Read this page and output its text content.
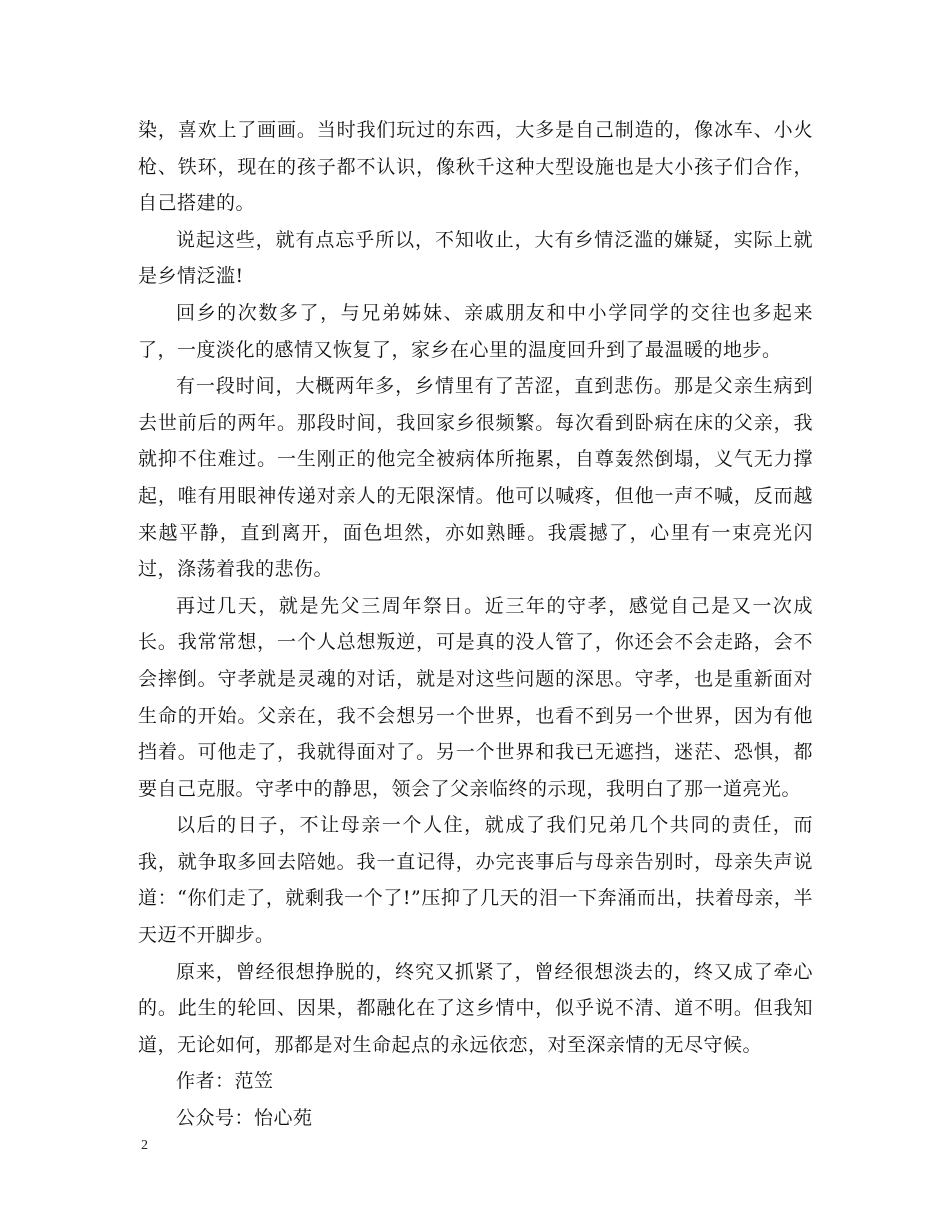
染，喜欢上了画画。当时我们玩过的东西，大多是自己制造的，像冰车、小火枪、铁环，现在的孩子都不认识，像秋千这种大型设施也是大小孩子们合作，自己搭建的。

说起这些，就有点忘乎所以，不知收止，大有乡情泛滥的嫌疑，实际上就是乡情泛滥!

回乡的次数多了，与兄弟姊妹、亲戚朋友和中小学同学的交往也多起来了，一度淡化的感情又恢复了，家乡在心里的温度回升到了最温暖的地步。

有一段时间，大概两年多，乡情里有了苦涩，直到悲伤。那是父亲生病到去世前后的两年。那段时间，我回家乡很频繁。每次看到卧病在床的父亲，我就抑不住难过。一生刚正的他完全被病体所拖累，自尊轰然倒塌，义气无力撑起，唯有用眼神传递对亲人的无限深情。他可以喊疼，但他一声不喊，反而越来越平静，直到离开，面色坦然，亦如熟睡。我震撼了，心里有一束亮光闪过，涤荡着我的悲伤。

再过几天，就是先父三周年祭日。近三年的守孝，感觉自己是又一次成长。我常常想，一个人总想叛逆，可是真的没人管了，你还会不会走路，会不会摔倒。守孝就是灵魂的对话，就是对这些问题的深思。守孝，也是重新面对生命的开始。父亲在，我不会想另一个世界，也看不到另一个世界，因为有他挡着。可他走了，我就得面对了。另一个世界和我已无遮挡，迷茫、恐惧，都要自己克服。守孝中的静思，领会了父亲临终的示现，我明白了那一道亮光。

以后的日子，不让母亲一个人住，就成了我们兄弟几个共同的责任，而我，就争取多回去陪她。我一直记得，办完丧事后与母亲告别时，母亲失声说道：“你们走了，就剩我一个了!”压抑了几天的泪一下奔涌而出，扶着母亲，半天迈不开脚步。

原来，曾经很想挣脱的，终究又抓紧了，曾经很想淡去的，终又成了牵心的。此生的轮回、因果，都融化在了这乡情中，似乎说不清、道不明。但我知道，无论如何，那都是对生命起点的永远依恋，对至深亲情的无尽守候。

作者：范笠

公众号：怡心苑

2
